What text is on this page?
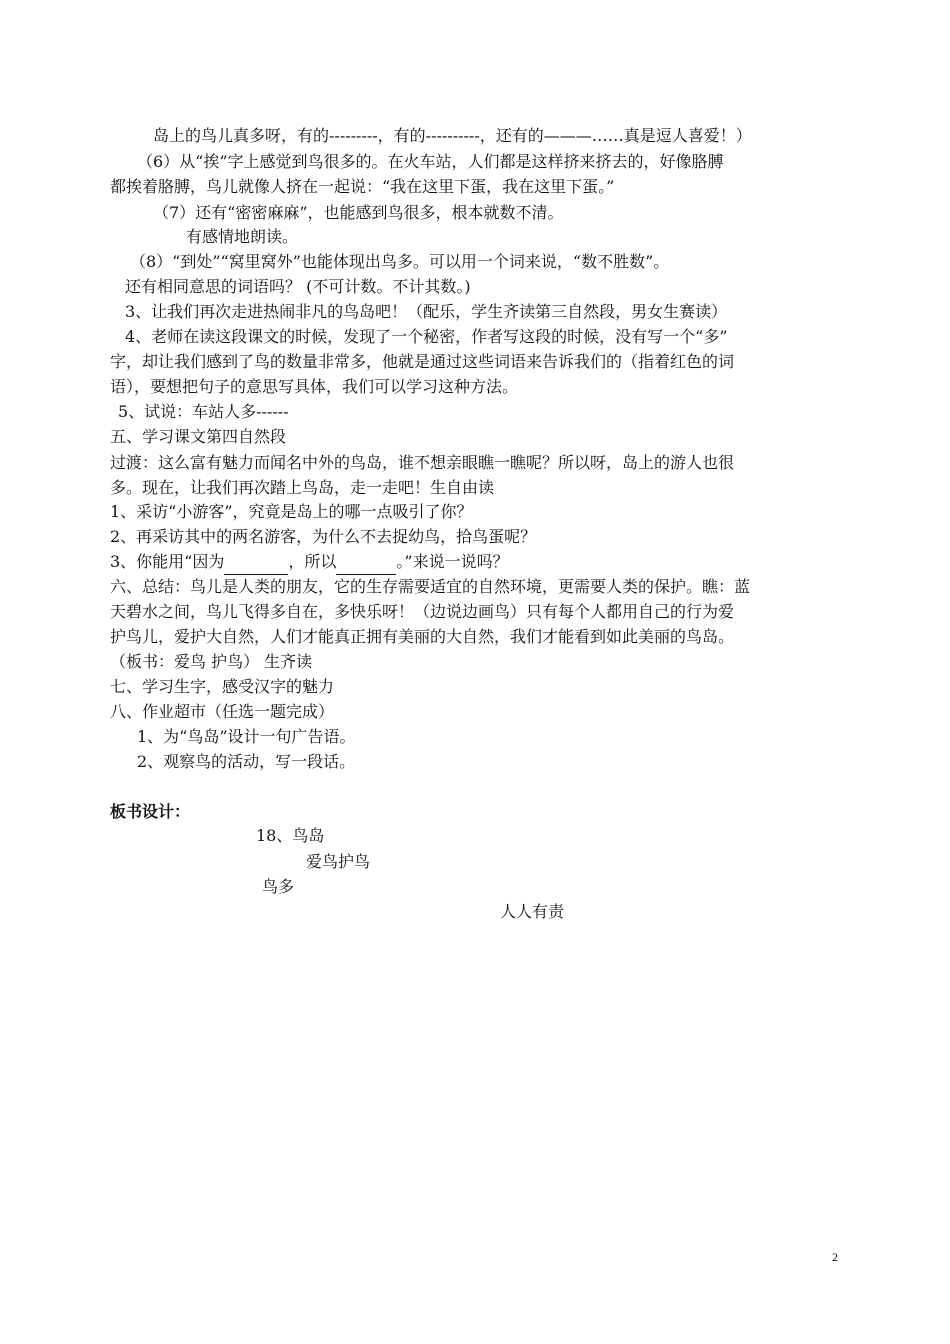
岛上的鸟儿真多呀，有的---------，有的----------，还有的———……真是逗人喜爱！）
（6）从“挨”字上感觉到鸟很多的。在火车站，人们都是这样挤来挤去的，好像胳膊
都挨着胳膊，鸟儿就像人挤在一起说：“我在这里下蛋，我在这里下蛋。”
（7）还有“密密麻麻”，也能感到鸟很多，根本就数不清。
有感情地朗读。
（8）“到处”“窝里窝外”也能体现出鸟多。可以用一个词来说，“数不胜数”。
还有相同意思的词语吗？ (不可计数。不计其数。)
3、让我们再次走进热闹非凡的鸟岛吧！（配乐，学生齐读第三自然段，男女生赛读）
4、老师在读这段课文的时候，发现了一个秘密，作者写这段的时候，没有写一个“多”
字，却让我们感到了鸟的数量非常多，他就是通过这些词语来告诉我们的（指着红色的词
语），要想把句子的意思写具体，我们可以学习这种方法。
5、试说：车站人多------
五、学习课文第四自然段
过渡：这么富有魅力而闻名中外的鸟岛，谁不想亲眼瞧一瞧呢？所以呀，岛上的游人也很
多。现在，让我们再次踏上鸟岛，走一走吧！生自由读
1、采访“小游客”，究竟是岛上的哪一点吸引了你？
2、再采访其中的两名游客，为什么不去捉幼鸟，拾鸟蛋呢？
3、你能用“因为	，所以	。”来说一说吗？
六、总结：鸟儿是人类的朋友，它的生存需要适宜的自然环境，更需要人类的保护。瞧：蓝
天碧水之间，鸟儿飞得多自在，多快乐呀！（边说边画鸟）只有每个人都用自己的行为爱
护鸟儿，爱护大自然，人们才能真正拥有美丽的大自然，我们才能看到如此美丽的鸟岛。
（板书：爱鸟 护鸟） 生齐读
七、学习生字，感受汉字的魅力
八、作业超市（任选一题完成）
1、为“鸟岛”设计一句广告语。
2、观察鸟的活动，写一段话。
板书设计：
18、鸟岛
爱鸟护鸟
鸟多
人人有责
2
